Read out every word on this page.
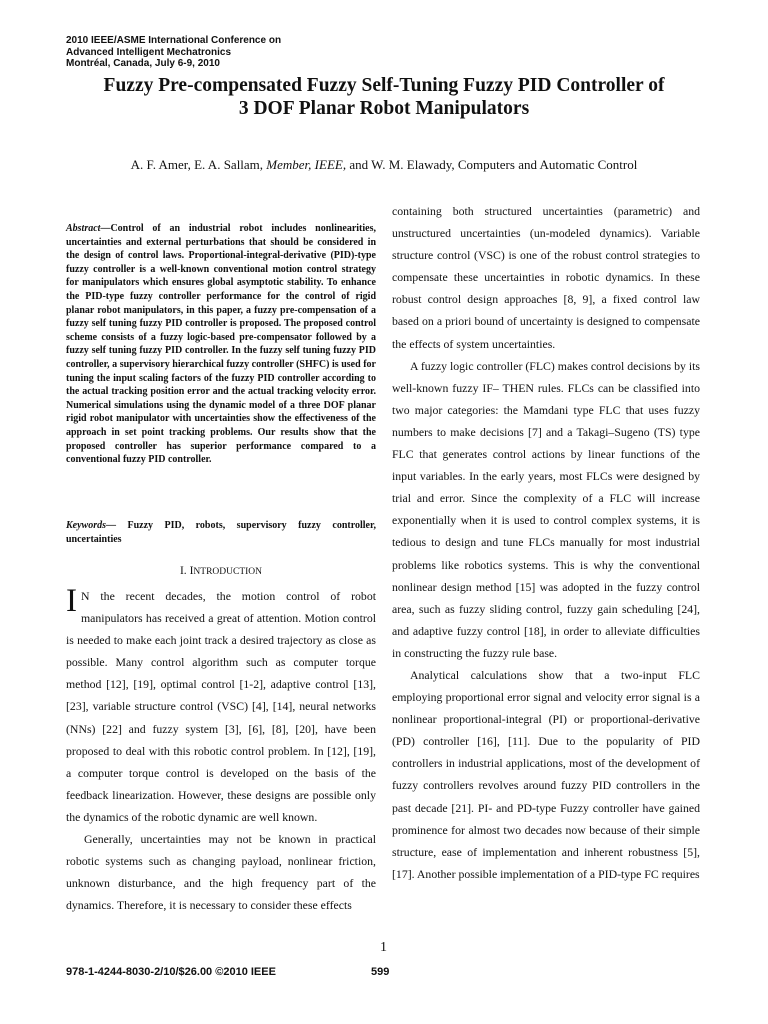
2010 IEEE/ASME International Conference on
Advanced Intelligent Mechatronics
Montréal, Canada, July 6-9, 2010
Fuzzy Pre-compensated Fuzzy Self-Tuning Fuzzy PID Controller of
3 DOF Planar Robot Manipulators
A. F. Amer, E. A. Sallam, Member, IEEE, and W. M. Elawady, Computers and Automatic Control
Abstract—Control of an industrial robot includes nonlinearities, uncertainties and external perturbations that should be considered in the design of control laws. Proportional-integral-derivative (PID)-type fuzzy controller is a well-known conventional motion control strategy for manipulators which ensures global asymptotic stability. To enhance the PID-type fuzzy controller performance for the control of rigid planar robot manipulators, in this paper, a fuzzy pre-compensation of a fuzzy self tuning fuzzy PID controller is proposed. The proposed control scheme consists of a fuzzy logic-based pre-compensator followed by a fuzzy self tuning fuzzy PID controller. In the fuzzy self tuning fuzzy PID controller, a supervisory hierarchical fuzzy controller (SHFC) is used for tuning the input scaling factors of the fuzzy PID controller according to the actual tracking position error and the actual tracking velocity error. Numerical simulations using the dynamic model of a three DOF planar rigid robot manipulator with uncertainties show the effectiveness of the approach in set point tracking problems. Our results show that the proposed controller has superior performance compared to a conventional fuzzy PID controller.
Keywords— Fuzzy PID, robots, supervisory fuzzy controller, uncertainties
I. INTRODUCTION

I N the recent decades, the motion control of robot manipulators has received a great of attention. Motion control is needed to make each joint track a desired trajectory as close as possible. Many control algorithm such as computer torque method [12], [19], optimal control [1-2], adaptive control [13], [23], variable structure control (VSC) [4], [14], neural networks (NNs) [22] and fuzzy system [3], [6], [8], [20], have been proposed to deal with this robotic control problem. In [12], [19], a computer torque control is developed on the basis of the feedback linearization. However, these designs are possible only the dynamics of the robotic dynamic are well known.

Generally, uncertainties may not be known in practical robotic systems such as changing payload, nonlinear friction, unknown disturbance, and the high frequency part of the dynamics. Therefore, it is necessary to consider these effects

containing both structured uncertainties (parametric) and unstructured uncertainties (un-modeled dynamics). Variable structure control (VSC) is one of the robust control strategies to compensate these uncertainties in robotic dynamics. In these robust control design approaches [8, 9], a fixed control law based on a priori bound of uncertainty is designed to compensate the effects of system uncertainties.

A fuzzy logic controller (FLC) makes control decisions by its well-known fuzzy IF– THEN rules. FLCs can be classified into two major categories: the Mamdani type FLC that uses fuzzy numbers to make decisions [7] and a Takagi–Sugeno (TS) type FLC that generates control actions by linear functions of the input variables. In the early years, most FLCs were designed by trial and error. Since the complexity of a FLC will increase exponentially when it is used to control complex systems, it is tedious to design and tune FLCs manually for most industrial problems like robotics systems. This is why the conventional nonlinear design method [15] was adopted in the fuzzy control area, such as fuzzy sliding control, fuzzy gain scheduling [24], and adaptive fuzzy control [18], in order to alleviate difficulties in constructing the fuzzy rule base.

Analytical calculations show that a two-input FLC employing proportional error signal and velocity error signal is a nonlinear proportional-integral (PI) or proportional-derivative (PD) controller [16], [11]. Due to the popularity of PID controllers in industrial applications, most of the development of fuzzy controllers revolves around fuzzy PID controllers in the past decade [21]. PI- and PD-type Fuzzy controller have gained prominence for almost two decades now because of their simple structure, ease of implementation and inherent robustness [5], [17]. Another possible implementation of a PID-type FC requires

1
978-1-4244-8030-2/10/$26.00 ©2010 IEEE	599
